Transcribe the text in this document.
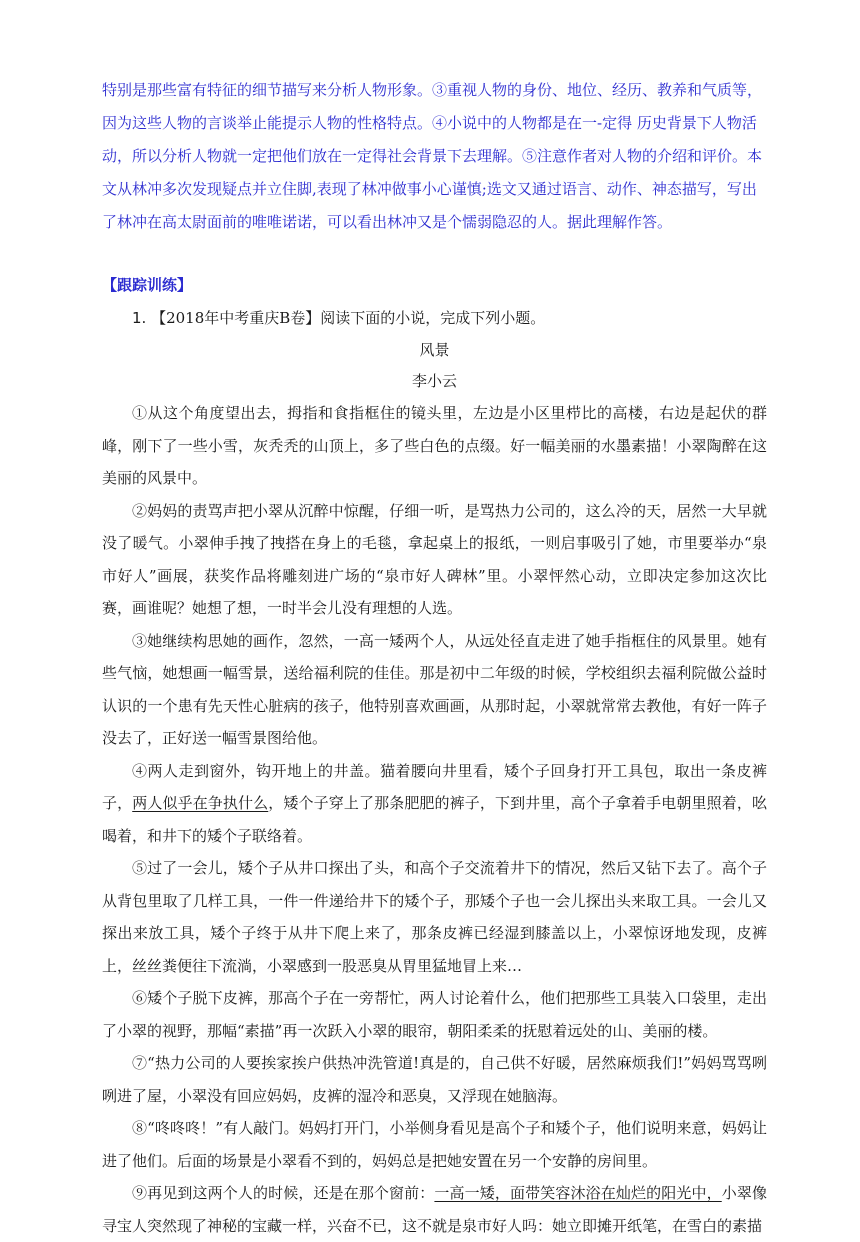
特别是那些富有特征的细节描写来分析人物形象。③重视人物的身份、地位、经历、教养和气质等，

因为这些人物的言谈举止能提示人物的性格特点。④小说中的人物都是在一-定得 历史背景下人物活

动，所以分析人物就一定把他们放在一定得社会背景下去理解。⑤注意作者对人物的介绍和评价。本

文从林冲多次发现疑点并立住脚,表现了林冲做事小心谨慎;选文又通过语言、动作、神态描写，写出

了林冲在高太尉面前的唯唯诺诺，可以看出林冲又是个懦弱隐忍的人。据此理解作答。

【跟踪训练】

1. 【2018年中考重庆B卷】阅读下面的小说，完成下列小题。

风景

李小云

①从这个角度望出去，拇指和食指框住的镜头里，左边是小区里栉比的高楼，右边是起伏的群峰，刚下了一些小雪，灰秃秃的山顶上，多了些白色的点缀。好一幅美丽的水墨素描！小翠陶醉在这美丽的风景中。

②妈妈的责骂声把小翠从沉醉中惊醒，仔细一听，是骂热力公司的，这么冷的天，居然一大早就没了暖气。小翠伸手拽了拽搭在身上的毛毯，拿起桌上的报纸，一则启事吸引了她，市里要举办“泉市好人”画展，获奖作品将雕刻进广场的“泉市好人碑林”里。小翠怦然心动，立即决定参加这次比赛，画谁呢？她想了想，一时半会儿没有理想的人选。

③她继续构思她的画作，忽然，一高一矮两个人，从远处径直走进了她手指框住的风景里。她有些气恼，她想画一幅雪景，送给福利院的佳佳。那是初中二年级的时候，学校组织去福利院做公益时认识的一个患有先天性心脏病的孩子，他特别喜欢画画，从那时起，小翠就常常去教他，有好一阵子没去了，正好送一幅雪景图给他。

④两人走到窗外，钩开地上的井盖。猫着腰向井里看，矮个子回身打开工具包，取出一条皮裤子，两人似乎在争执什么，矮个子穿上了那条肥肥的裤子，下到井里，高个子拿着手电朝里照着，吆喝着，和井下的矮个子联络着。

⑤过了一会儿，矮个子从井口探出了头，和高个子交流着井下的情况，然后又钻下去了。高个子从背包里取了几样工具，一件一件递给井下的矮个子，那矮个子也一会儿探出头来取工具。一会儿又探出来放工具，矮个子终于从井下爬上来了，那条皮裤已经湿到膝盖以上，小翠惊讶地发现，皮裤上，丝丝粪便往下流淌，小翠感到一股恶臭从胃里猛地冒上来…

⑥矮个子脱下皮裤，那高个子在一旁帮忙，两人讨论着什么，他们把那些工具装入口袋里，走出了小翠的视野，那幅“素描”再一次跃入小翠的眼帘，朝阳柔柔的抚慰着远处的山、美丽的楼。

⑦“热力公司的人要挨家挨户供热冲洗管道!真是的，自己供不好暖，居然麻烦我们!”妈妈骂骂咧咧进了屋，小翠没有回应妈妈，皮裤的湿冷和恶臭，又浮现在她脑海。

⑧“咚咚咚！”有人敲门。妈妈打开门，小举侧身看见是高个子和矮个子，他们说明来意，妈妈让进了他们。后面的场景是小翠看不到的，妈妈总是把她安置在另一个安静的房间里。

⑨再见到这两个人的时候，还是在那个窗前：一高一矮，面带笑容沐浴在灿烂的阳光中，小翠像寻宝人突然现了神秘的宝藏一样，兴奋不已，这不就是泉市好人吗：她立即摊开纸笔，在雪白的素描
